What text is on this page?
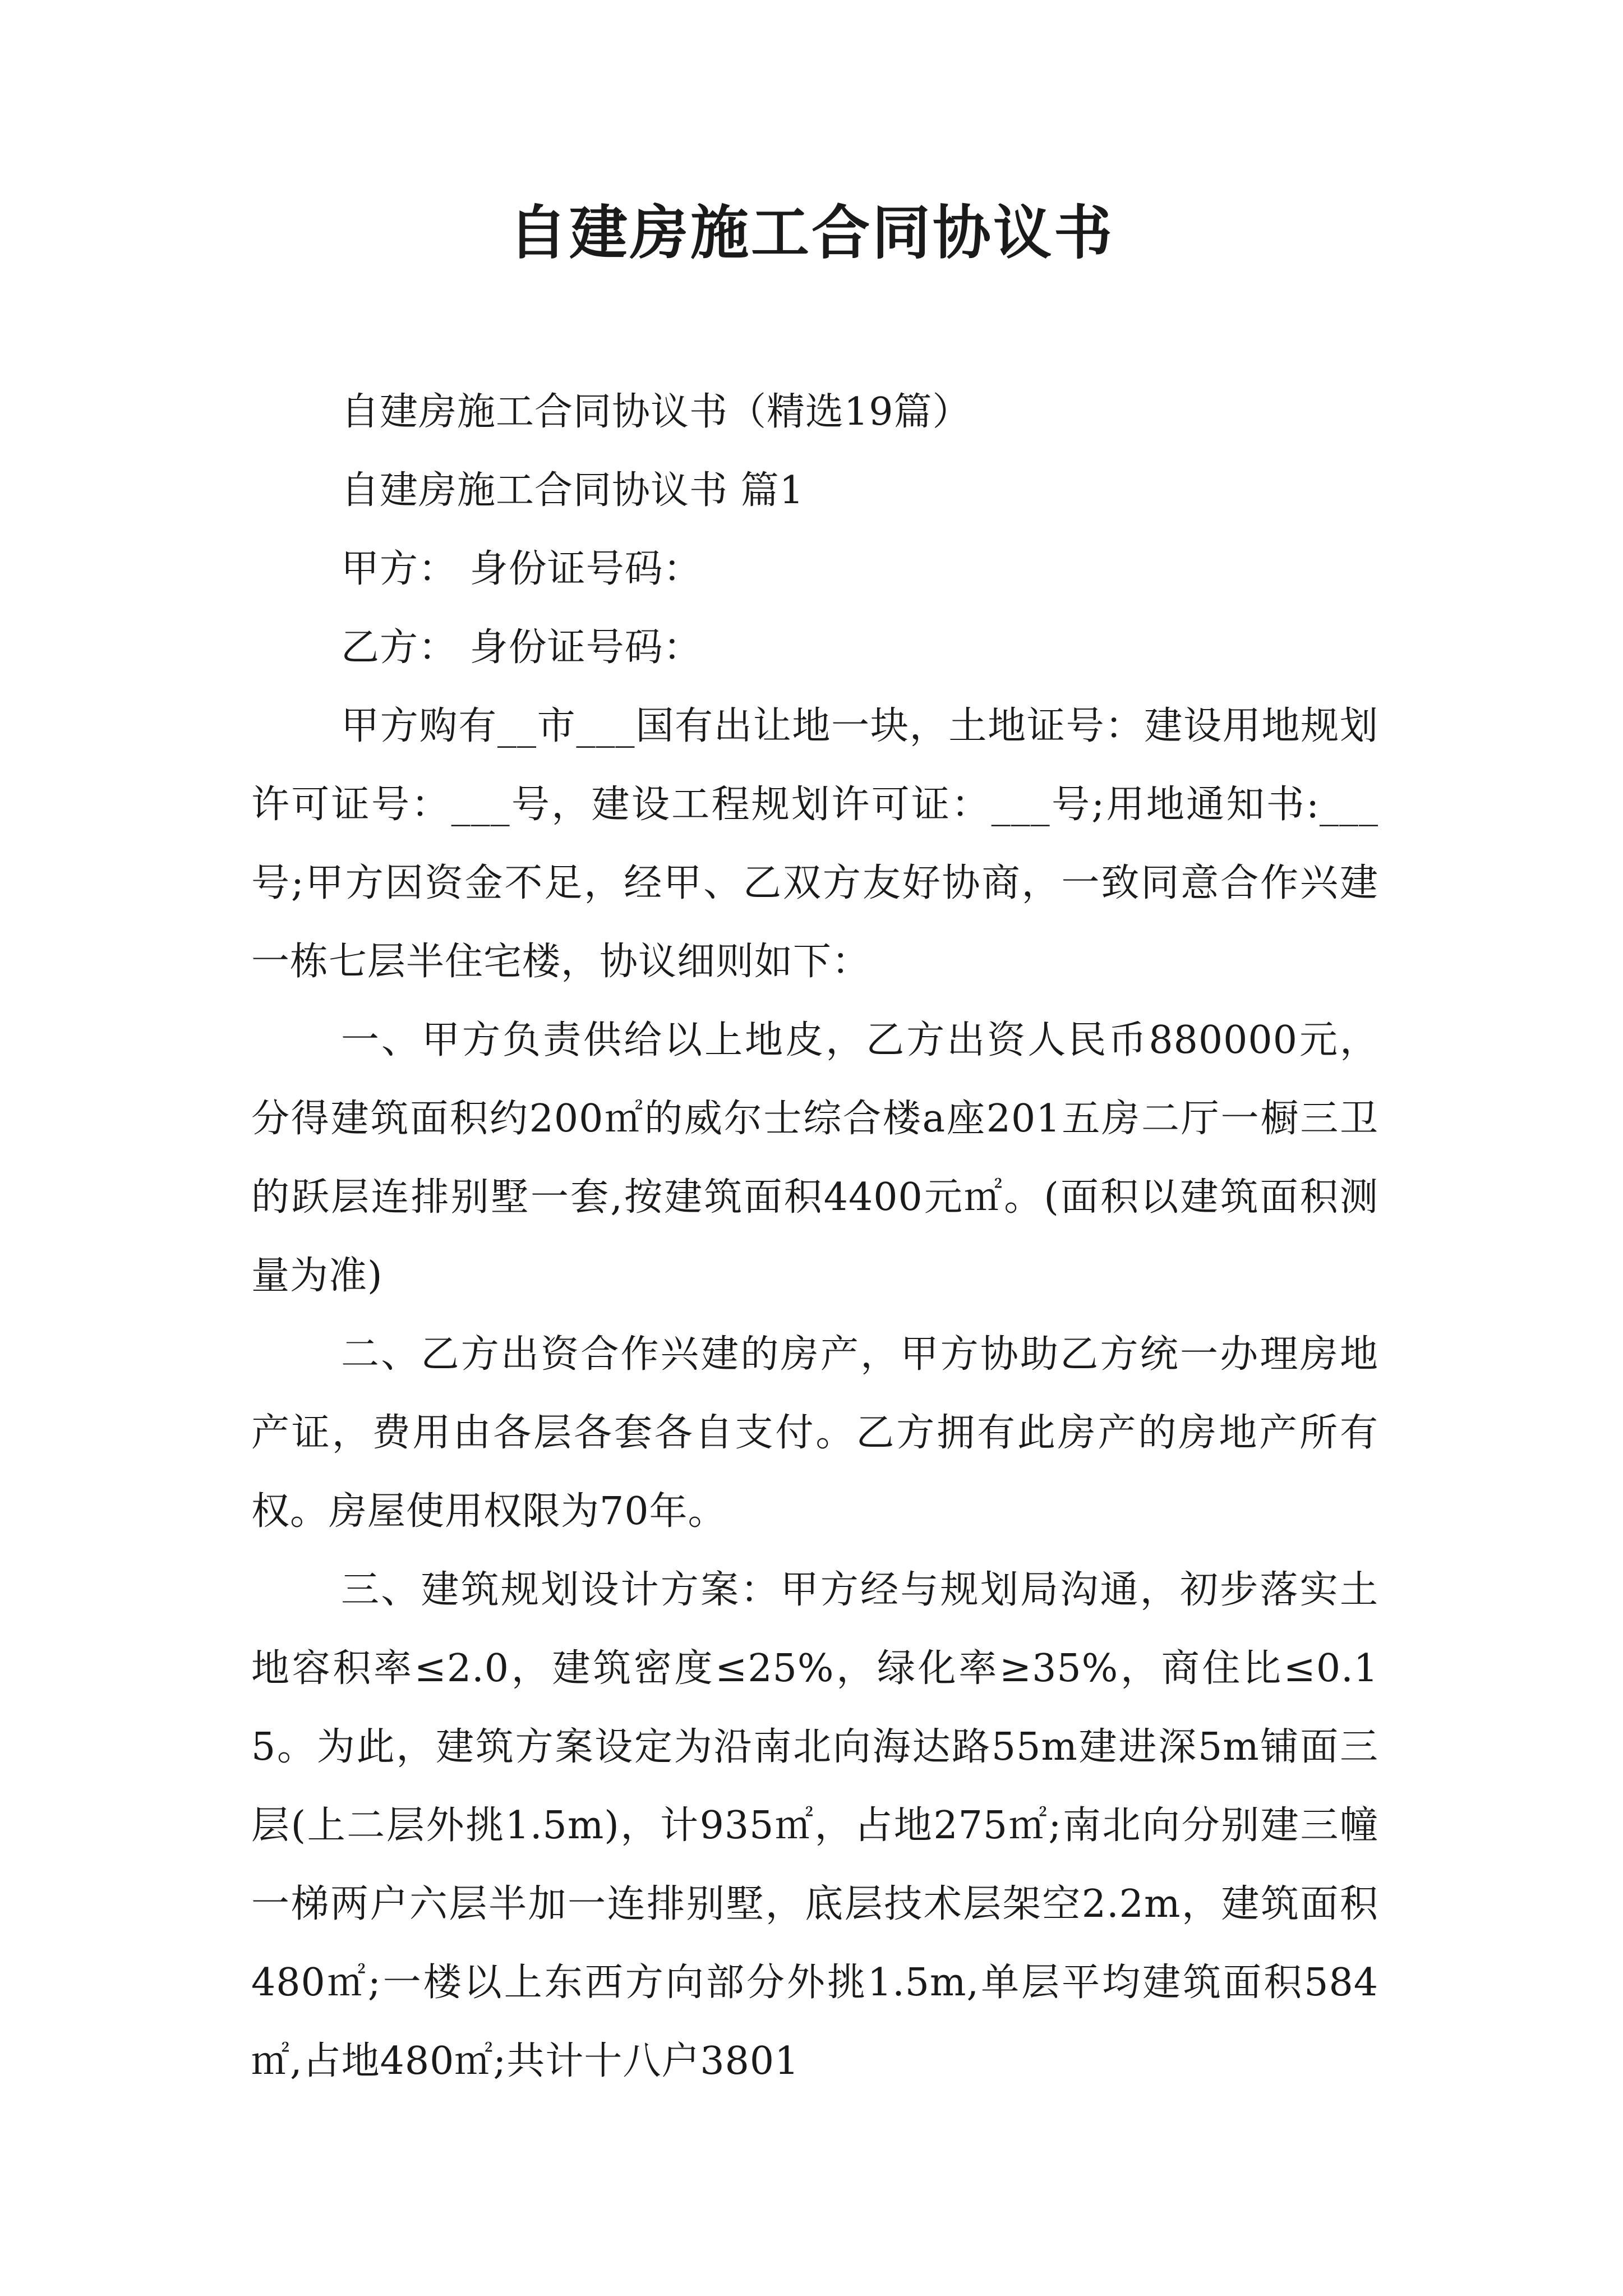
自建房施工合同协议书

自建房施工合同协议书（精选19篇）

自建房施工合同协议书 篇1

甲方： 身份证号码：

乙方： 身份证号码：

甲方购有__市___国有出让地一块，土地证号：建设用地规划许可证号：___号，建设工程规划许可证：___号;用地通知书:___号;甲方因资金不足，经甲、乙双方友好协商，一致同意合作兴建一栋七层半住宅楼，协议细则如下：

一、甲方负责供给以上地皮，乙方出资人民币880000元，分得建筑面积约200㎡的威尔士综合楼a座201五房二厅一橱三卫的跃层连排别墅一套,按建筑面积4400元㎡。(面积以建筑面积测量为准)

二、乙方出资合作兴建的房产，甲方协助乙方统一办理房地产证，费用由各层各套各自支付。乙方拥有此房产的房地产所有权。房屋使用权限为70年。

三、建筑规划设计方案：甲方经与规划局沟通，初步落实土地容积率≤2.0，建筑密度≤25%，绿化率≥35%，商住比≤0.15。为此，建筑方案设定为沿南北向海达路55m建进深5m铺面三层(上二层外挑1.5m)，计935㎡，占地275㎡;南北向分别建三幢一梯两户六层半加一连排别墅，底层技术层架空2.2m，建筑面积480㎡;一楼以上东西方向部分外挑1.5m,单层平均建筑面积584㎡,占地480㎡;共计十八户3801
